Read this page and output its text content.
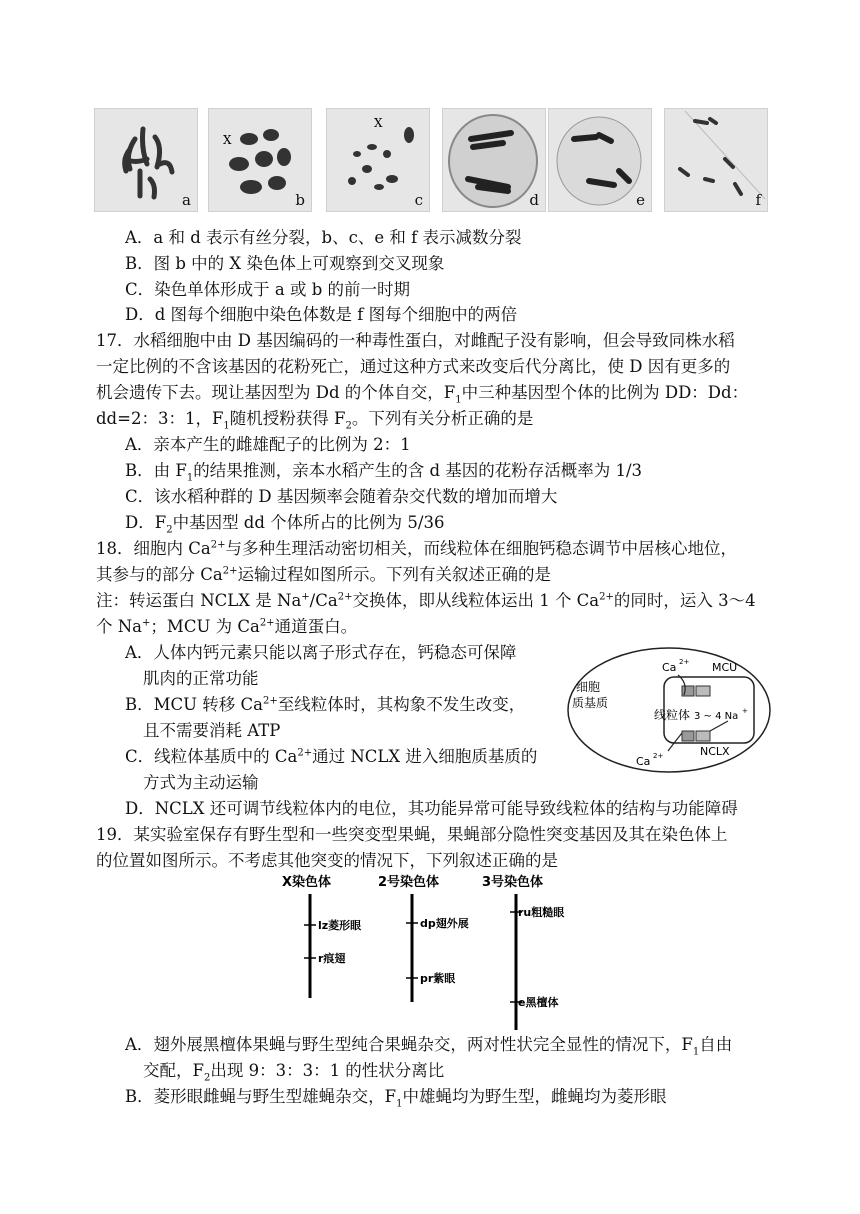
a
X
b
X
c	d	e	f
A．a 和 d 表示有丝分裂，b、c、e 和 f 表示减数分裂
B．图 b 中的 X 染色体上可观察到交叉现象
C．染色单体形成于 a 或 b 的前一时期
D．d 图每个细胞中染色体数是 f 图每个细胞中的两倍
17．水稻细胞中由 D 基因编码的一种毒性蛋白，对雌配子没有影响，但会导致同株水稻
一定比例的不含该基因的花粉死亡，通过这种方式来改变后代分离比，使 D 因有更多的
机会遗传下去。现让基因型为 Dd 的个体自交，$F_1$中三种基因型个体的比例为 DD：Dd：
dd=2：3：1，$F_1$随机授粉获得 $F_2$。下列有关分析正确的是
A．亲本产生的雌雄配子的比例为 2：1
B．由 $F_1$的结果推测，亲本水稻产生的含 d 基因的花粉存活概率为 1/3
C．该水稻种群的 D 基因频率会随着杂交代数的增加而增大
D．$F_2$中基因型 dd 个体所占的比例为 5/36
18．细胞内 $Ca^{2+}$与多种生理活动密切相关，而线粒体在细胞钙稳态调节中居核心地位，
其参与的部分 $Ca^{2+}$运输过程如图所示。下列有关叙述正确的是
注：转运蛋白 NCLX 是 $Na^+/Ca^{2+}$交换体，即从线粒体运出 1 个 $Ca^{2+}$的同时，运入 3～4
个 Na+；MCU 为 $Ca^{2+}$通道蛋白。
A．人体内钙元素只能以离子形式存在，钙稳态可保障
肌肉的正常功能
B．MCU 转移 $Ca^{2+}$至线粒体时，其构象不发生改变，
且不需要消耗 ATP
C．线粒体基质中的 $Ca^{2+}$通过 NCLX 进入细胞质基质的
方式为主动运输
D．NCLX 还可调节线粒体内的电位，其功能异常可能导致线粒体的结构与功能障碍
细胞
质基质
线粒体
Ca 2+ MCU
3 ~ 4 Na +
NCLX
Ca 2+
19．某实验室保存有野生型和一些突变型果蝇，果蝇部分隐性突变基因及其在染色体上
的位置如图所示。不考虑其他突变的情况下，下列叙述正确的是
X染色体	2号染色体	3号染色体
lz菱形眼
r痕翅
dp翅外展
pr紫眼
ru粗糙眼
e黑檀体
A．翅外展黑檀体果蝇与野生型纯合果蝇杂交，两对性状完全显性的情况下，$F_1$自由
交配，$F_2$出现 9：3：3：1 的性状分离比
B．菱形眼雌蝇与野生型雄蝇杂交，$F_1$中雄蝇均为野生型，雌蝇均为菱形眼
